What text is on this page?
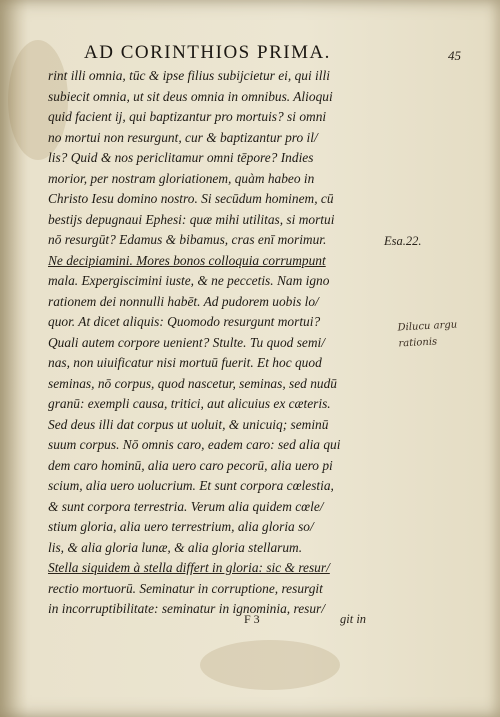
AD CORINTHIOS PRIMA.	45
rint illi omnia, tūc & ipse filius subijcietur ei, qui illi
subiecit omnia, ut sit deus omnia in omnibus. Alioqui
quid facient ij, qui baptizantur pro mortuis? si omni
no mortui non resurgunt, cur & baptizantur pro il/
lis? Quid & nos periclitamur omni tēpore? Indies
morior, per nostram gloriationem, quàm habeo in
Christo Iesu domino nostro. Si secūdum hominem, cū
bestijs depugnaui Ephesi: quæ mihi utilitas, si mortui
nō resurgūt? Edamus & bibamus, cras enī morimur.
Ne decipiamini. Mores bonos colloquia corrumpunt
mala. Expergiscimini iuste, & ne peccetis. Nam igno
rationem dei nonnulli habēt. Ad pudorem uobis lo/
quor. At dicet aliquis: Quomodo resurgunt mortui?
Quali autem corpore uenient? Stulte. Tu quod semi/
nas, non uiuificatur nisi mortuū fuerit. Et hoc quod
seminas, nō corpus, quod nascetur, seminas, sed nudū
granū: exempli causa, tritici, aut alicuius ex cæteris.
Sed deus illi dat corpus ut uoluit, & unicuiq; seminū
suum corpus. Nō omnis caro, eadem caro: sed alia qui
dem caro hominū, alia uero caro pecorū, alia uero pi
scium, alia uero uolucrium. Et sunt corpora cœlestia,
& sunt corpora terrestria. Verum alia quidem cœle/
stium gloria, alia uero terrestrium, alia gloria so/
lis, & alia gloria lunæ, & alia gloria stellarum.
Stella siquidem à stella differt in gloria: sic & resur/
rectio mortuorū. Seminatur in corruptione, resurgit
in incorruptibilitate: seminatur in ignominia, resur/
Esa.22.
Dilucu argu rationis
F 3	git in
